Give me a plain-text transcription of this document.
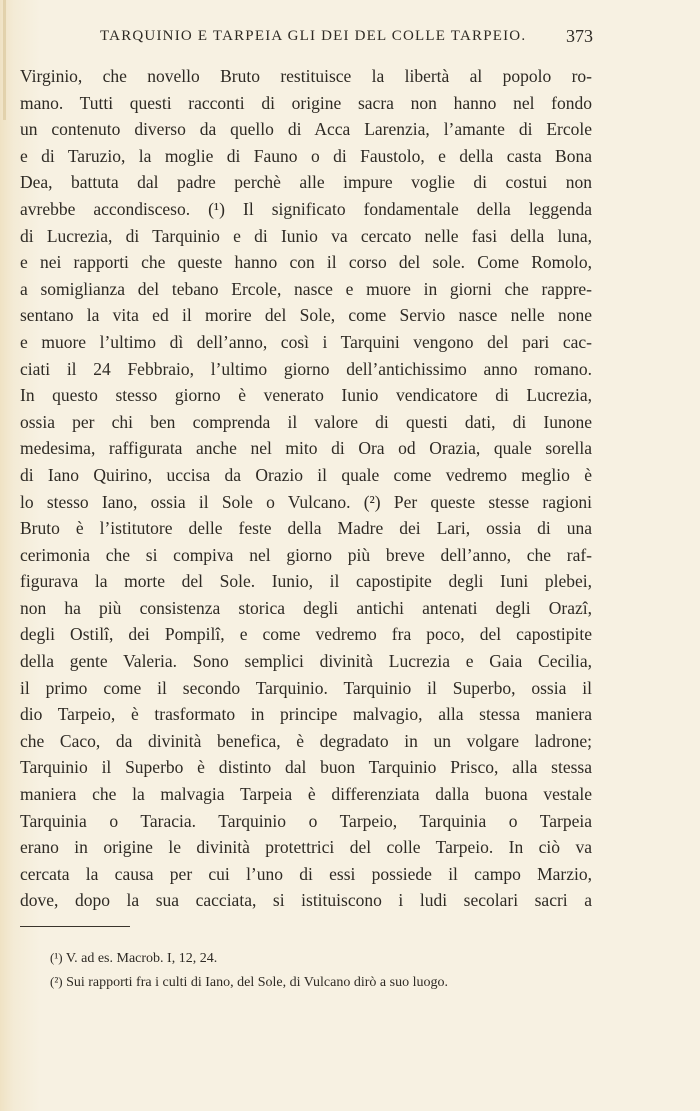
TARQUINIO E TARPEIA GLI DEI DEL COLLE TARPEIO. 373
Virginio, che novello Bruto restituisce la libertà al popolo ro-
mano. Tutti questi racconti di origine sacra non hanno nel fondo
un contenuto diverso da quello di Acca Larenzia, l’amante di Ercole
e di Taruzio, la moglie di Fauno o di Faustolo, e della casta Bona
Dea, battuta dal padre perchè alle impure voglie di costui non
avrebbe accondisceso. (¹) Il significato fondamentale della leggenda
di Lucrezia, di Tarquinio e di Iunio va cercato nelle fasi della luna,
e nei rapporti che queste hanno con il corso del sole. Come Romolo,
a somiglianza del tebano Ercole, nasce e muore in giorni che rappre-
sentano la vita ed il morire del Sole, come Servio nasce nelle none
e muore l’ultimo dì dell’anno, così i Tarquini vengono del pari cac-
ciati il 24 Febbraio, l’ultimo giorno dell’antichissimo anno romano.
In questo stesso giorno è venerato Iunio vendicatore di Lucrezia,
ossia per chi ben comprenda il valore di questi dati, di Iunone
medesima, raffigurata anche nel mito di Ora od Orazia, quale sorella
di Iano Quirino, uccisa da Orazio il quale come vedremo meglio è
lo stesso Iano, ossia il Sole o Vulcano. (²) Per queste stesse ragioni
Bruto è l’istitutore delle feste della Madre dei Lari, ossia di una
cerimonia che si compiva nel giorno più breve dell’anno, che raf-
figurava la morte del Sole. Iunio, il capostipite degli Iuni plebei,
non ha più consistenza storica degli antichi antenati degli Orazî,
degli Ostilî, dei Pompilî, e come vedremo fra poco, del capostipite
della gente Valeria. Sono semplici divinità Lucrezia e Gaia Cecilia,
il primo come il secondo Tarquinio. Tarquinio il Superbo, ossia il
dio Tarpeio, è trasformato in principe malvagio, alla stessa maniera
che Caco, da divinità benefica, è degradato in un volgare ladrone;
Tarquinio il Superbo è distinto dal buon Tarquinio Prisco, alla stessa
maniera che la malvagia Tarpeia è differenziata dalla buona vestale
Tarquinia o Taracia. Tarquinio o Tarpeio, Tarquinia o Tarpeia
erano in origine le divinità protettrici del colle Tarpeio. In ciò va
cercata la causa per cui l’uno di essi possiede il campo Marzio,
dove, dopo la sua cacciata, si istituiscono i ludi secolari sacri a
(¹) V. ad es. Macrob. I, 12, 24.
(²) Sui rapporti fra i culti di Iano, del Sole, di Vulcano dirò a suo luogo.
